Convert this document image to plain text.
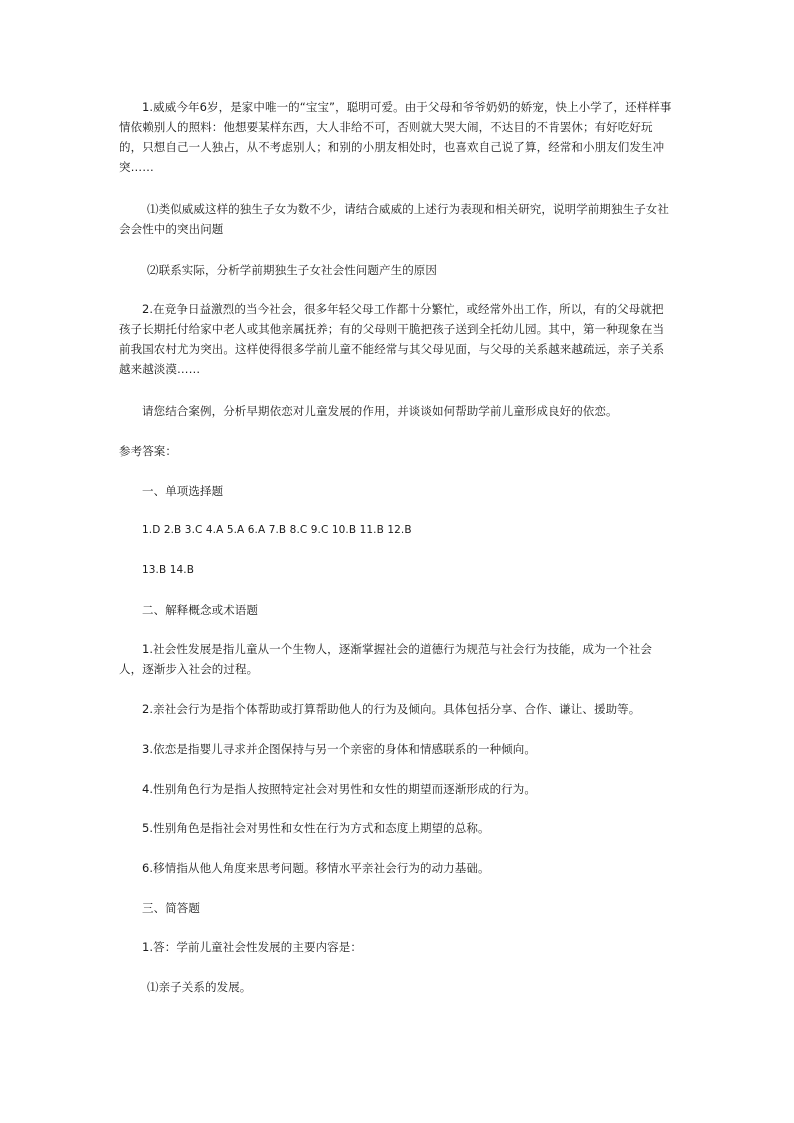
1.威威今年6岁，是家中唯一的“宝宝”，聪明可爱。由于父母和爷爷奶奶的娇宠，快上小学了，还样样事情依赖别人的照料：他想要某样东西，大人非给不可，否则就大哭大闹，不达目的不肯罢休；有好吃好玩的，只想自己一人独占，从不考虑别人；和别的小朋友相处时，也喜欢自己说了算，经常和小朋友们发生冲突……

⑴类似威威这样的独生子女为数不少，请结合威威的上述行为表现和相关研究，说明学前期独生子女社会会性中的突出问题

⑵联系实际，分析学前期独生子女社会性问题产生的原因

2.在竞争日益激烈的当今社会，很多年轻父母工作都十分繁忙，或经常外出工作，所以，有的父母就把孩子长期托付给家中老人或其他亲属抚养；有的父母则干脆把孩子送到全托幼儿园。其中，第一种现象在当前我国农村尤为突出。这样使得很多学前儿童不能经常与其父母见面，与父母的关系越来越疏远，亲子关系越来越淡漠……

请您结合案例，分析早期依恋对儿童发展的作用，并谈谈如何帮助学前儿童形成良好的依恋。

参考答案：

一、单项选择题

1.D 2.B 3.C 4.A 5.A 6.A 7.B 8.C 9.C 10.B 11.B 12.B

13.B 14.B

二、解释概念或术语题

1.社会性发展是指儿童从一个生物人，逐渐掌握社会的道德行为规范与社会行为技能，成为一个社会人，逐渐步入社会的过程。

2.亲社会行为是指个体帮助或打算帮助他人的行为及倾向。具体包括分享、合作、谦让、援助等。

3.依恋是指婴儿寻求并企图保持与另一个亲密的身体和情感联系的一种倾向。

4.性别角色行为是指人按照特定社会对男性和女性的期望而逐渐形成的行为。

5.性别角色是指社会对男性和女性在行为方式和态度上期望的总称。

6.移情指从他人角度来思考问题。移情水平亲社会行为的动力基础。

三、简答题

1.答：学前儿童社会性发展的主要内容是：

⑴亲子关系的发展。
